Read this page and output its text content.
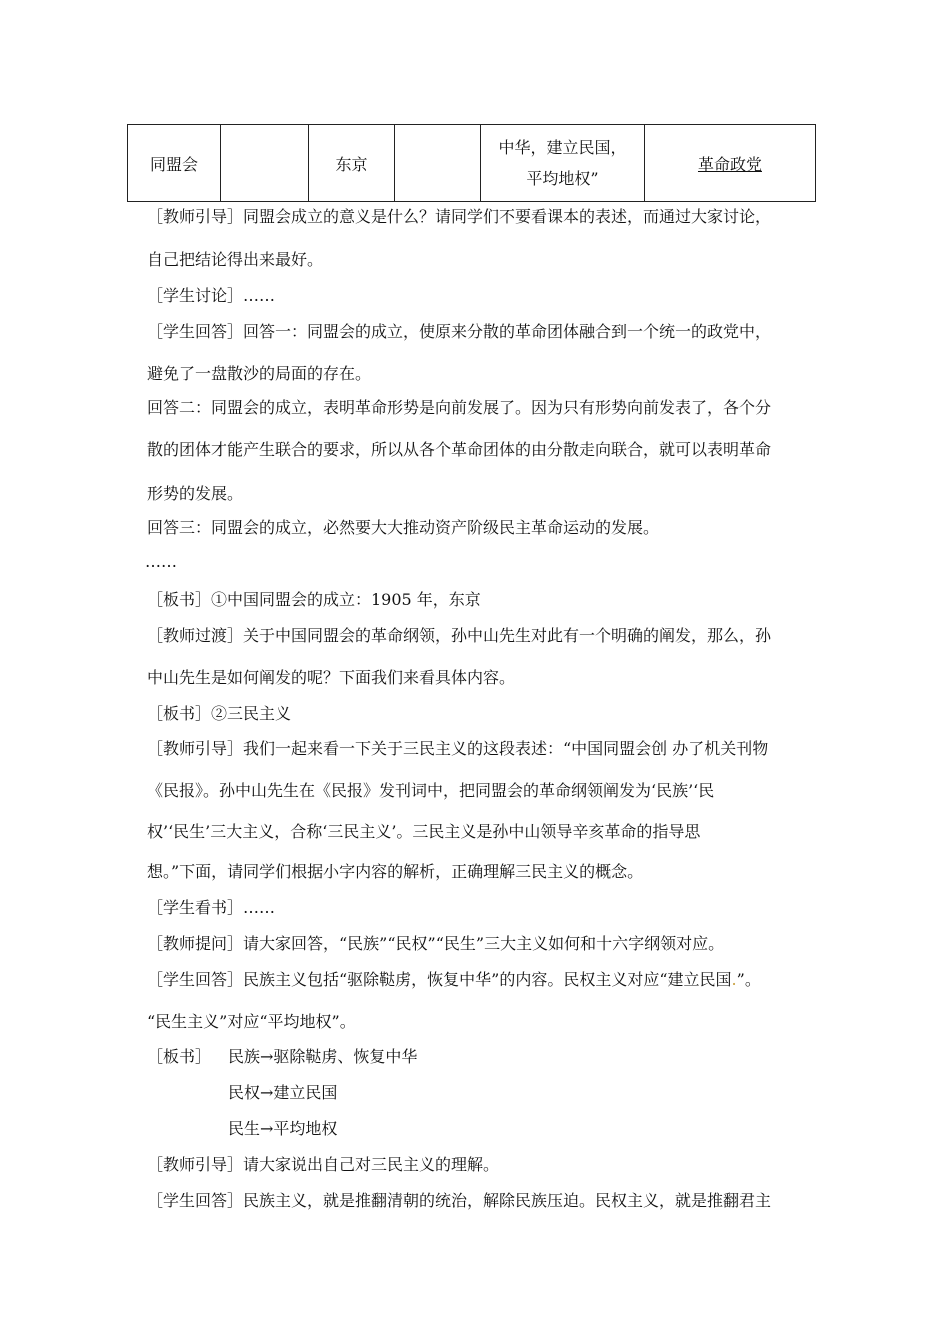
同盟会		东京		中华，建立民国，
平均地权”	革命政党
［教师引导］同盟会成立的意义是什么？请同学们不要看课本的表述，而通过大家讨论，
自己把结论得出来最好。
［学生讨论］……
［学生回答］回答一：同盟会的成立，使原来分散的革命团体融合到一个统一的政党中，
避免了一盘散沙的局面的存在。
回答二：同盟会的成立，表明革命形势是向前发展了。因为只有形势向前发表了，各个分
散的团体才能产生联合的要求，所以从各个革命团体的由分散走向联合，就可以表明革命
形势的发展。
回答三：同盟会的成立，必然要大大推动资产阶级民主革命运动的发展。
……
［板书］①中国同盟会的成立：1905 年，东京
［教师过渡］关于中国同盟会的革命纲领，孙中山先生对此有一个明确的阐发，那么，孙
中山先生是如何阐发的呢？下面我们来看具体内容。
［板书］②三民主义
［教师引导］我们一起来看一下关于三民主义的这段表述：“中国同盟会创 办了机关刊物
《民报》。孙中山先生在《民报》发刊词中，把同盟会的革命纲领阐发为‘民族’‘民
权’‘民生’三大主义，合称‘三民主义’。三民主义是孙中山领导辛亥革命的指导思
想。”下面，请同学们根据小字内容的解析，正确理解三民主义的概念。
［学生看书］……
［教师提问］请大家回答，“民族”“民权”“民生”三大主义如何和十六字纲领对应。
［学生回答］民族主义包括“驱除鞑虏，恢复中华”的内容。民权主义对应“建立民国.”。
“民生主义”对应“平均地权”。
［板书］ 民族→驱除鞑虏、恢复中华
民权→建立民国
民生→平均地权
［教师引导］请大家说出自己对三民主义的理解。
［学生回答］民族主义，就是推翻清朝的统治，解除民族压迫。民权主义，就是推翻君主
